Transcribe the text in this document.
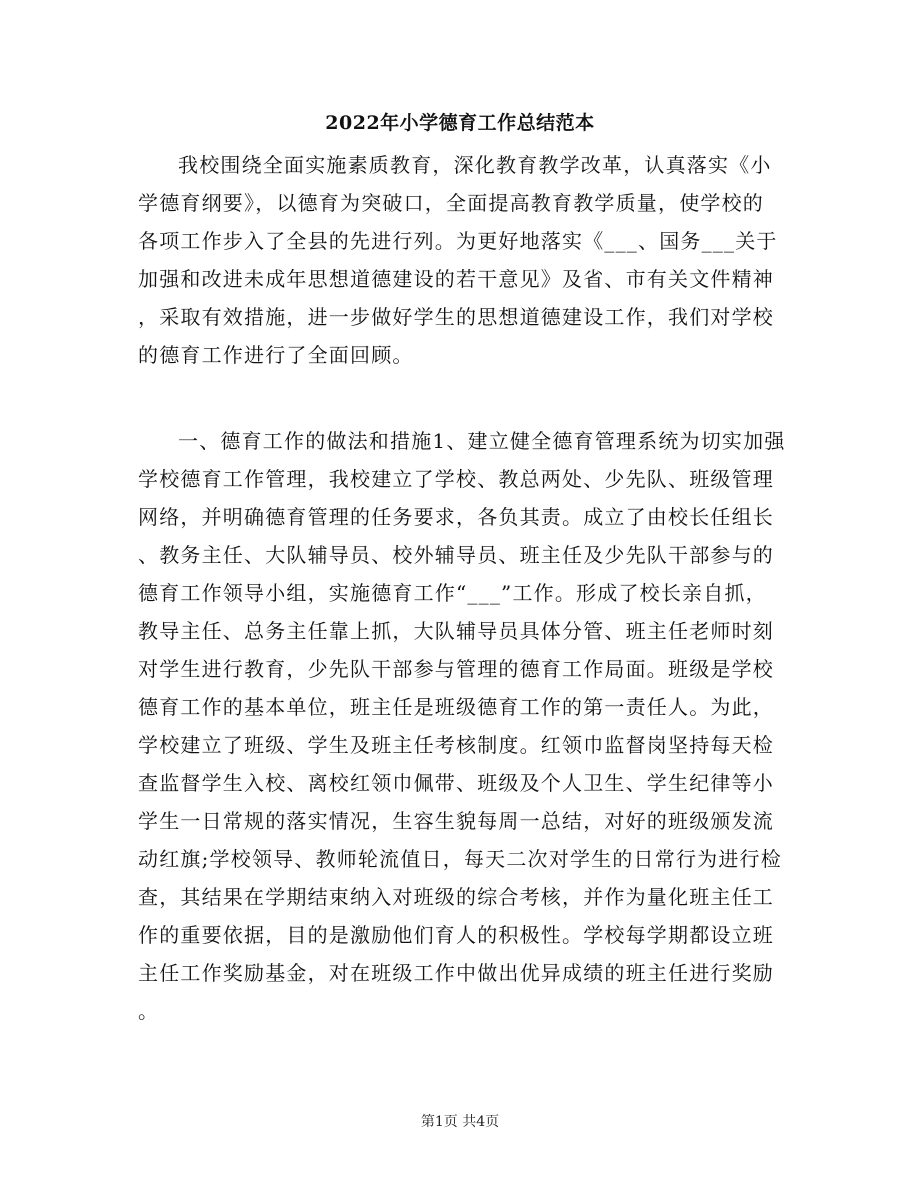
2022年小学德育工作总结范本
我校围绕全面实施素质教育，深化教育教学改革，认真落实《小
学德育纲要》，以德育为突破口，全面提高教育教学质量，使学校的
各项工作步入了全县的先进行列。为更好地落实《___、国务___关于
加强和改进未成年思想道德建设的若干意见》及省、市有关文件精神
，采取有效措施，进一步做好学生的思想道德建设工作，我们对学校
的德育工作进行了全面回顾。
一、德育工作的做法和措施1、建立健全德育管理系统为切实加强
学校德育工作管理，我校建立了学校、教总两处、少先队、班级管理
网络，并明确德育管理的任务要求，各负其责。成立了由校长任组长
、教务主任、大队辅导员、校外辅导员、班主任及少先队干部参与的
德育工作领导小组，实施德育工作“___”工作。形成了校长亲自抓，
教导主任、总务主任靠上抓，大队辅导员具体分管、班主任老师时刻
对学生进行教育，少先队干部参与管理的德育工作局面。班级是学校
德育工作的基本单位，班主任是班级德育工作的第一责任人。为此，
学校建立了班级、学生及班主任考核制度。红领巾监督岗坚持每天检
查监督学生入校、离校红领巾佩带、班级及个人卫生、学生纪律等小
学生一日常规的落实情况，生容生貌每周一总结，对好的班级颁发流
动红旗;学校领导、教师轮流值日，每天二次对学生的日常行为进行检
查，其结果在学期结束纳入对班级的综合考核，并作为量化班主任工
作的重要依据，目的是激励他们育人的积极性。学校每学期都设立班
主任工作奖励基金，对在班级工作中做出优异成绩的班主任进行奖励
。
第1页 共4页
